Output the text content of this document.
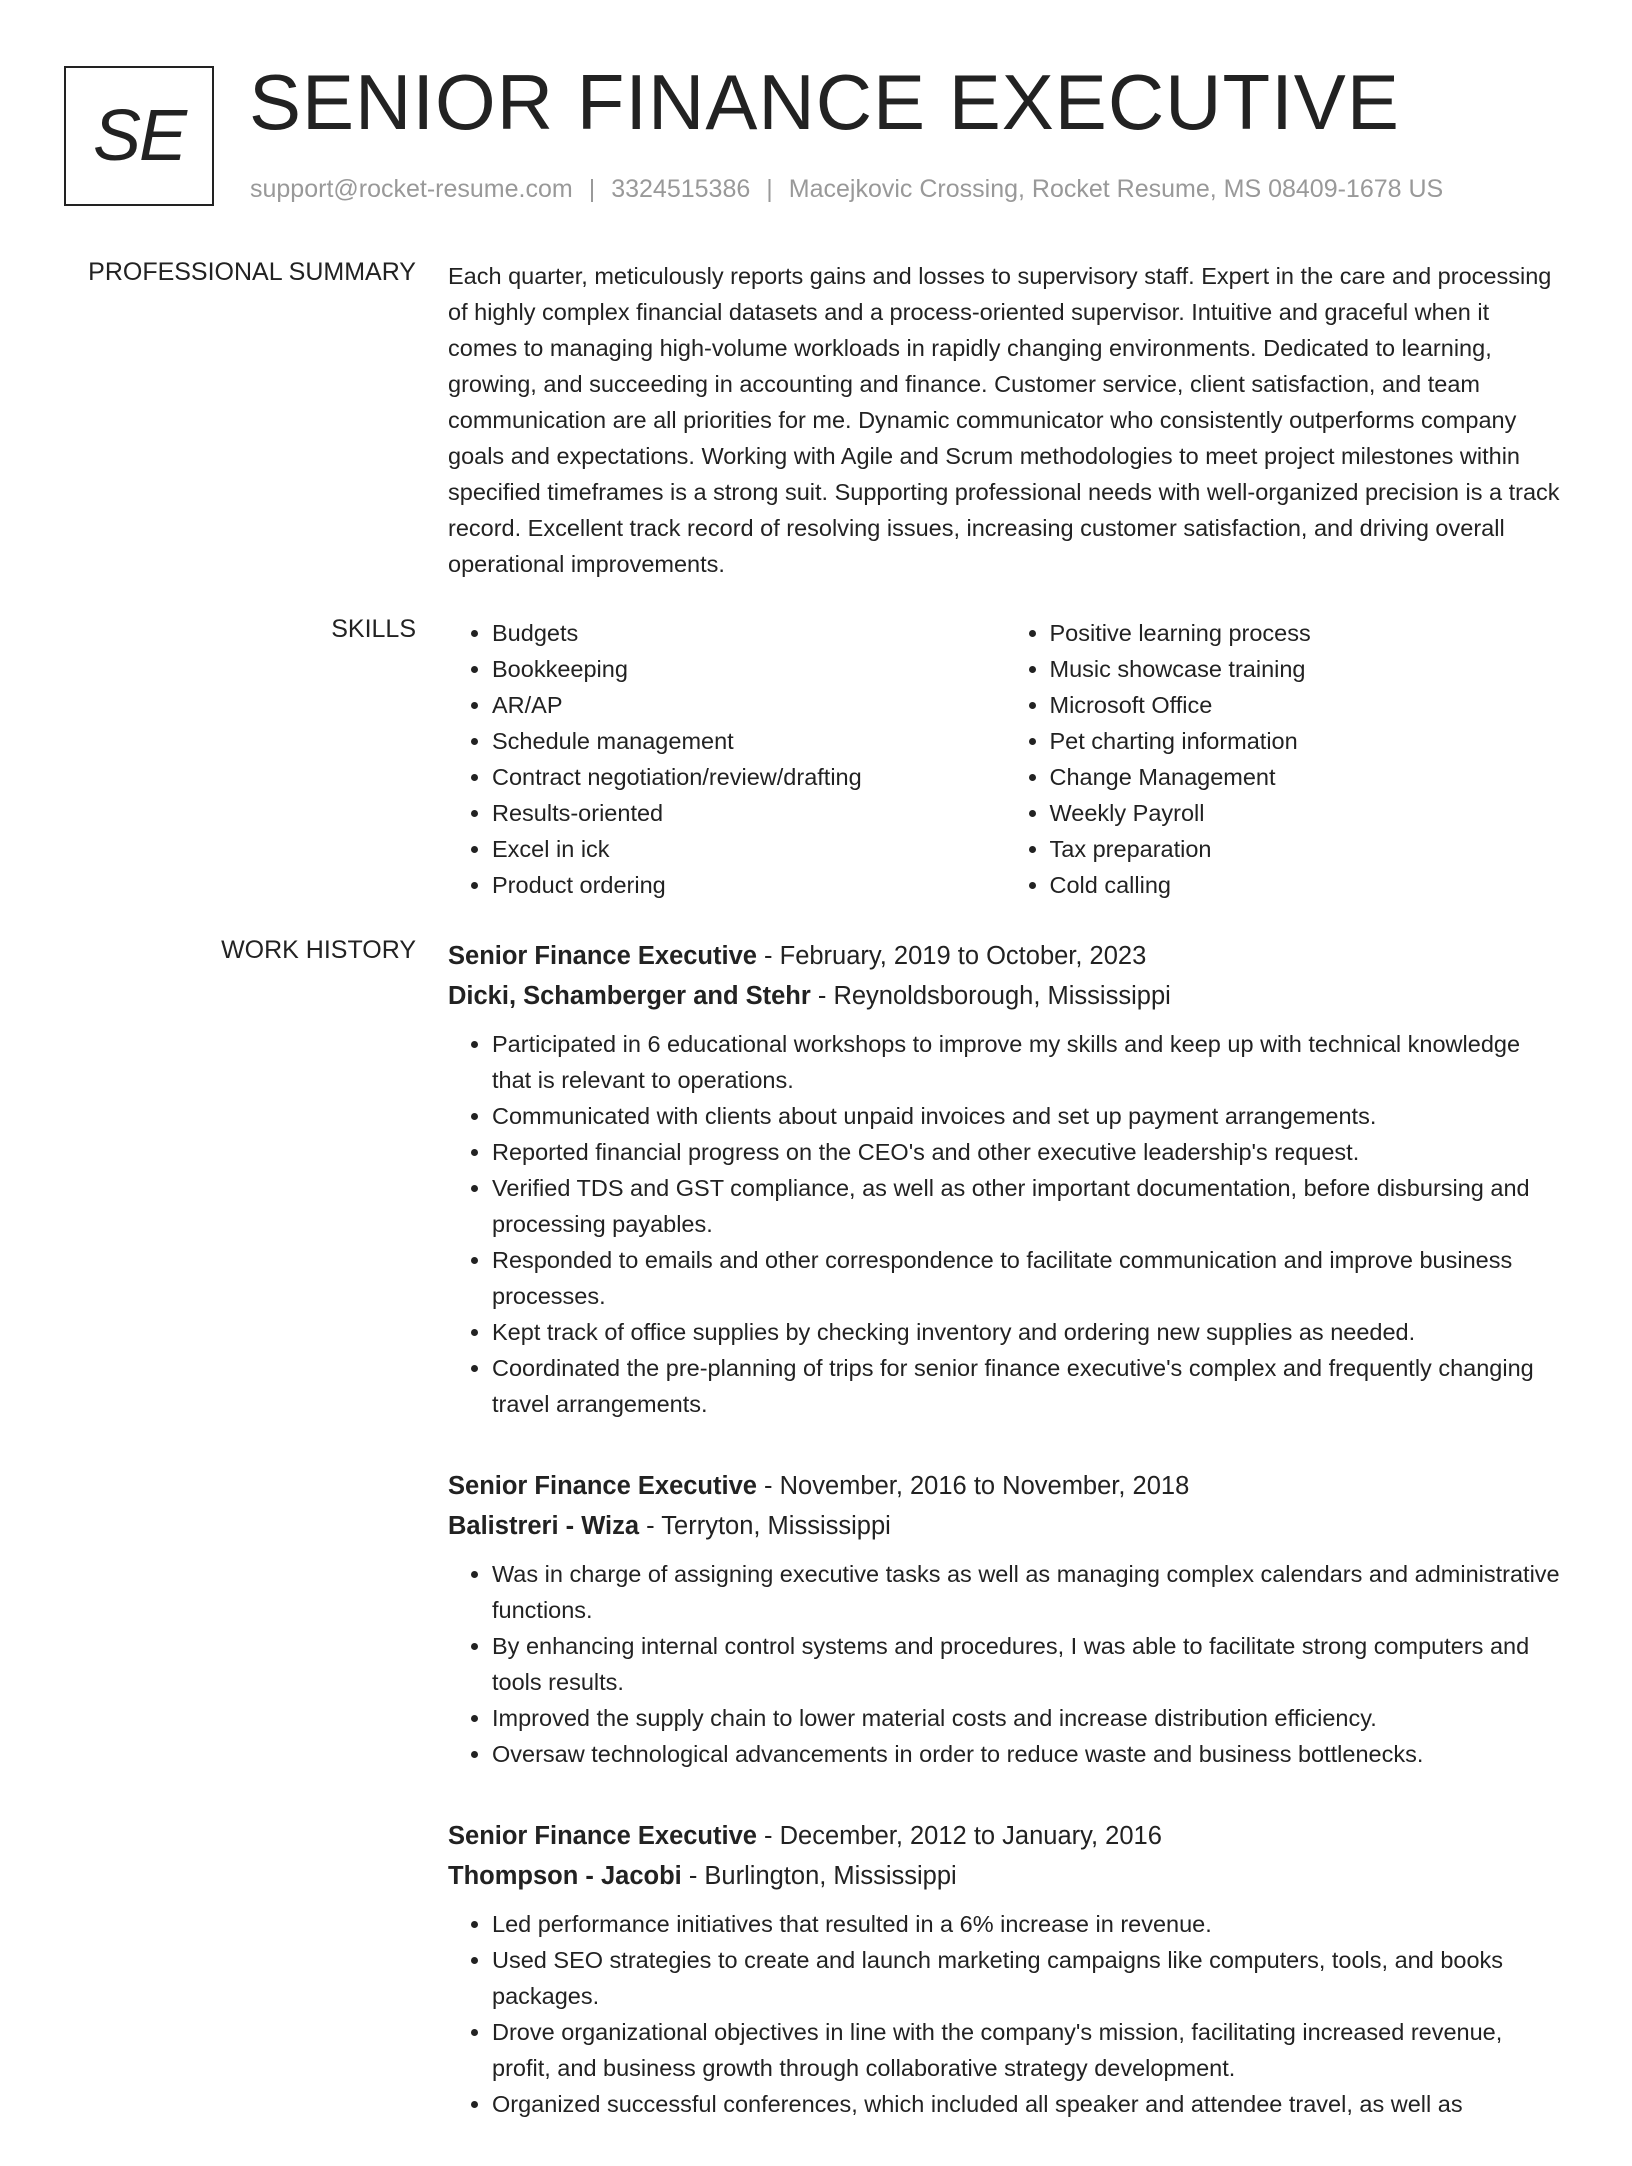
SE SENIOR FINANCE EXECUTIVE
support@rocket-resume.com | 3324515386 | Macejkovic Crossing, Rocket Resume, MS 08409-1678 US
PROFESSIONAL SUMMARY Each quarter, meticulously reports gains and losses to supervisory staff. Expert in the care and processing of highly complex financial datasets and a process-oriented supervisor. Intuitive and graceful when it comes to managing high-volume workloads in rapidly changing environments. Dedicated to learning, growing, and succeeding in accounting and finance. Customer service, client satisfaction, and team communication are all priorities for me. Dynamic communicator who consistently outperforms company goals and expectations. Working with Agile and Scrum methodologies to meet project milestones within specified timeframes is a strong suit. Supporting professional needs with well-organized precision is a track record. Excellent track record of resolving issues, increasing customer satisfaction, and driving overall operational improvements.

SKILLS
•	Budgets
• Bookkeeping
• AR/AP
• Schedule management
• Contract negotiation/review/drafting
• Results-oriented
• Excel in ick
• Product ordering
• Positive learning process
• Music showcase training
• Microsoft Office
• Pet charting information
• Change Management
• Weekly Payroll
• Tax preparation
• Cold calling
WORK HISTORY Senior Finance Executive - February, 2019 to October, 2023
Dicki, Schamberger and Stehr - Reynoldsborough, Mississippi
• Participated in 6 educational workshops to improve my skills and keep up with technical knowledge that is relevant to operations.
• Communicated with clients about unpaid invoices and set up payment arrangements.
• Reported financial progress on the CEO's and other executive leadership's request.
• Verified TDS and GST compliance, as well as other important documentation, before disbursing and processing payables.
• Responded to emails and other correspondence to facilitate communication and improve business processes.
• Kept track of office supplies by checking inventory and ordering new supplies as needed.
• Coordinated the pre-planning of trips for senior finance executive's complex and frequently changing travel arrangements.
Senior Finance Executive - November, 2016 to November, 2018
Balistreri - Wiza - Terryton, Mississippi
• Was in charge of assigning executive tasks as well as managing complex calendars and administrative functions.
• By enhancing internal control systems and procedures, I was able to facilitate strong computers and tools results.
• Improved the supply chain to lower material costs and increase distribution efficiency.
• Oversaw technological advancements in order to reduce waste and business bottlenecks.
Senior Finance Executive - December, 2012 to January, 2016
Thompson - Jacobi - Burlington, Mississippi
• Led performance initiatives that resulted in a 6% increase in revenue.
• Used SEO strategies to create and launch marketing campaigns like computers, tools, and books packages.
• Drove organizational objectives in line with the company's mission, facilitating increased revenue, profit, and business growth through collaborative strategy development.
• Organized successful conferences, which included all speaker and attendee travel, as well as
